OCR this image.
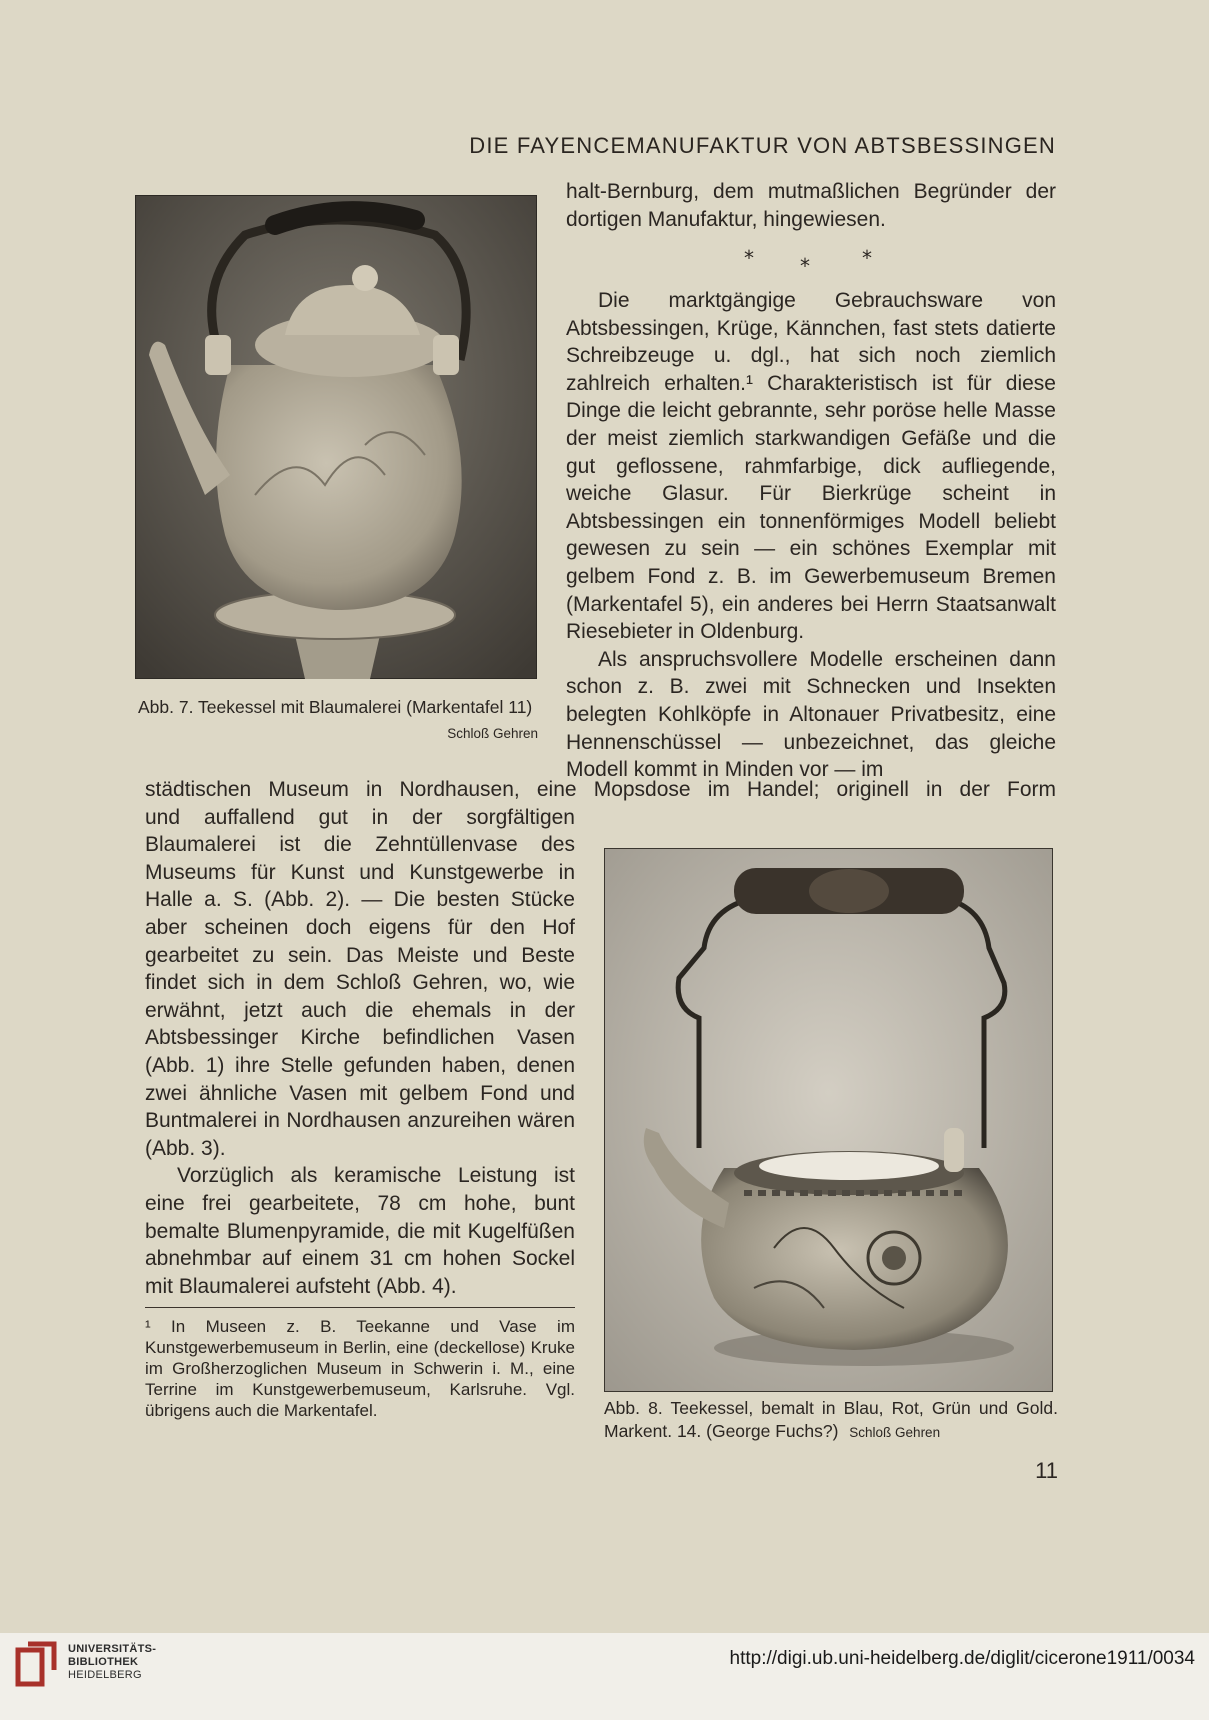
DIE FAYENCEMANUFAKTUR VON ABTSBESSINGEN
Abb. 7. Teekessel mit Blaumalerei (Markentafel 11)
Schloß Gehren

halt-Bernburg, dem mutmaßlichen Begründer der dortigen Manufaktur, hingewiesen.

* *	*

Die marktgängige Gebrauchsware von Abtsbessingen, Krüge, Kännchen, fast stets datierte Schreibzeuge u. dgl., hat sich noch ziemlich zahlreich erhalten.¹ Charakteristisch ist für diese Dinge die leicht gebrannte, sehr poröse helle Masse der meist ziemlich starkwandigen Gefäße und die gut geflossene, rahmfarbige, dick aufliegende, weiche Glasur. Für Bierkrüge scheint in Abtsbessingen ein tonnenförmiges Modell beliebt gewesen zu sein — ein schönes Exemplar mit gelbem Fond z. B. im Gewerbemuseum Bremen (Markentafel 5), ein anderes bei Herrn Staatsanwalt Riesebieter in Oldenburg.

Als anspruchsvollere Modelle erscheinen dann schon z. B. zwei mit Schnecken und Insekten belegten Kohlköpfe in Altonauer Privatbesitz, eine Hennenschüssel — unbezeichnet, das gleiche Modell kommt in Minden vor — im

städtischen Museum in Nordhausen, eine Mopsdose im Handel; originell in der Form

und auffallend gut in der sorgfältigen Blaumalerei ist die Zehntüllenvase des Museums für Kunst und Kunstgewerbe in Halle a. S. (Abb. 2). — Die besten Stücke aber scheinen doch eigens für den Hof gearbeitet zu sein. Das Meiste und Beste findet sich in dem Schloß Gehren, wo, wie erwähnt, jetzt auch die ehemals in der Abtsbessinger Kirche befindlichen Vasen (Abb. 1) ihre Stelle gefunden haben, denen zwei ähnliche Vasen mit gelbem Fond und Buntmalerei in Nordhausen anzureihen wären (Abb. 3).

Vorzüglich als keramische Leistung ist eine frei gearbeitete, 78 cm hohe, bunt bemalte Blumenpyramide, die mit Kugelfüßen abnehmbar auf einem 31 cm hohen Sockel mit Blaumalerei aufsteht (Abb. 4).

¹ In Museen z. B. Teekanne und Vase im Kunstgewerbemuseum in Berlin, eine (deckellose) Kruke im Großherzoglichen Museum in Schwerin i. M., eine Terrine im Kunstgewerbemuseum, Karlsruhe. Vgl. übrigens auch die Markentafel.	Abb. 8. Teekessel, bemalt in Blau, Rot, Grün und Gold. Markent. 14. (George Fuchs?) Schloß Gehren
11
UNIVERSITÄTS-
BIBLIOTHEK
HEIDELBERG
http://digi.ub.uni-heidelberg.de/diglit/cicerone1911/0034
